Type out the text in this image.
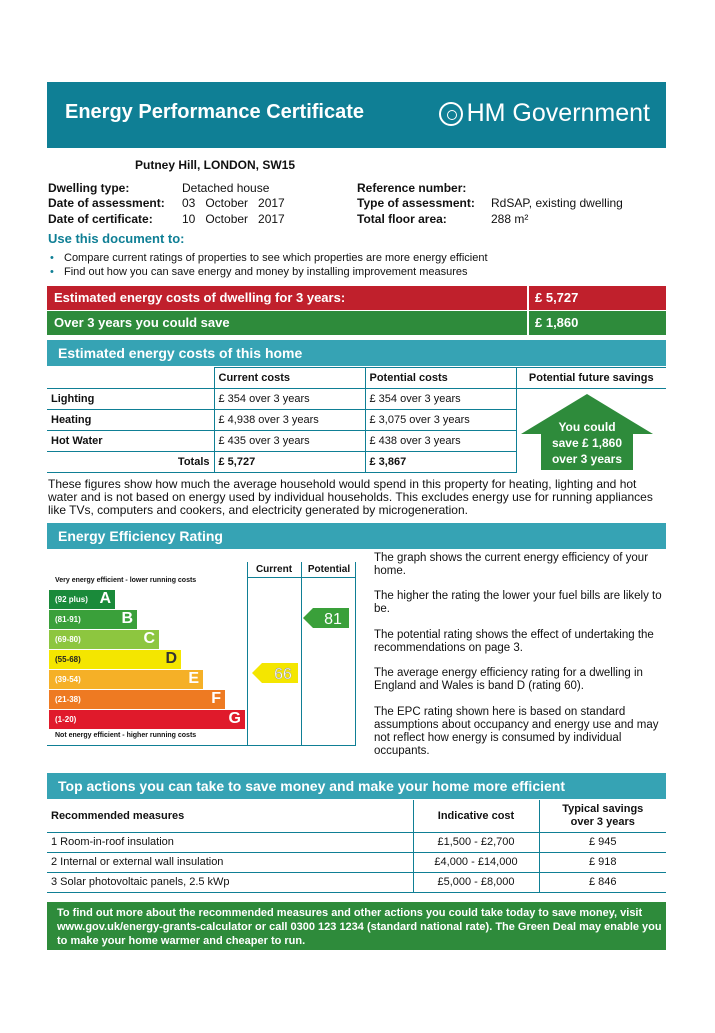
Energy Performance Certificate	HM Government
Putney Hill, LONDON, SW15
Dwelling type:	Detached house
Date of assessment: 03   October   2017
Date of certificate: 10   October   2017
Reference number:
Type of assessment: RdSAP, existing dwelling
Total floor area:	288 m²
Use this document to:
• Compare current ratings of properties to see which properties are more energy efficient
• Find out how you can save energy and money by installing improvement measures
Estimated energy costs of dwelling for 3 years:	£ 5,727
Over 3 years you could save	£ 1,860
Estimated energy costs of this home
	Current costs	Potential costs	Potential future savings
Lighting	£ 354 over 3 years	£ 354 over 3 years	
Heating	£ 4,938 over 3 years	£ 3,075 over 3 years	
Hot Water	£ 435 over 3 years	£ 438 over 3 years	
Totals	£ 5,727	£ 3,867	
You could
save £ 1,860
over 3 years
These figures show how much the average household would spend in this property for heating, lighting and hot water and is not based on energy used by individual households. This excludes energy use for running appliances like TVs, computers and cookers, and electricity generated by microgeneration.
Energy Efficiency Rating
Current	Potential
Very energy efficient - lower running costs
Not energy efficient - higher running costs
(92 plus) A
(81-91)	B
(69-80)	C
(55-68)	D
(39-54)	E
(21-38)	F
(1-20)	G
66
81
The graph shows the current energy efficiency of your home.
The higher the rating the lower your fuel bills are likely to be.
The potential rating shows the effect of undertaking the recommendations on page 3.
The average energy efficiency rating for a dwelling in England and Wales is band D (rating 60).
The EPC rating shown here is based on standard assumptions about occupancy and energy use and may not reflect how energy is consumed by individual occupants.
Top actions you can take to save money and make your home more efficient
Recommended measures	Indicative cost	Typical savings
over 3 years

1 Room-in-roof insulation	£1,500 - £2,700	£ 945
2 Internal or external wall insulation	£4,000 - £14,000	£ 918
3 Solar photovoltaic panels, 2.5 kWp	£5,000 - £8,000	£ 846
To find out more about the recommended measures and other actions you could take today to save money, visit www.gov.uk/energy-grants-calculator or call 0300 123 1234 (standard national rate). The Green Deal may enable you to make your home warmer and cheaper to run.
